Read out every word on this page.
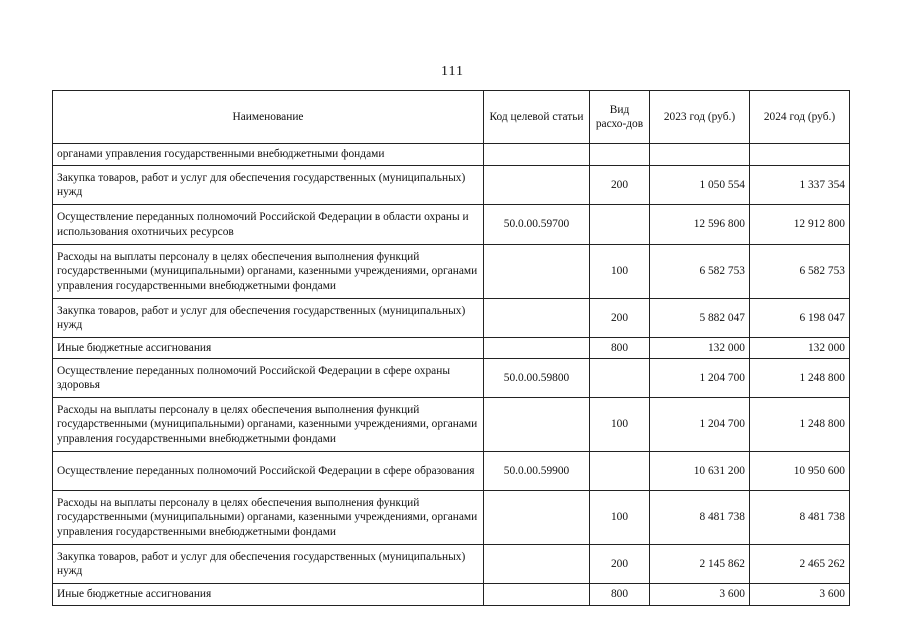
111
Наименование	Код целевой статьи	Вид расхо-дов	2023 год (руб.)	2024 год (руб.)
органами управления государственными внебюджетными фондами				
Закупка товаров, работ и услуг для обеспечения государственных (муниципальных) нужд		200	1 050 554	1 337 354
Осуществление переданных полномочий Российской Федерации в области охраны и использования охотничьих ресурсов	50.0.00.59700		12 596 800	12 912 800
Расходы на выплаты персоналу в целях обеспечения выполнения функций государственными (муниципальными) органами, казенными учреждениями, органами управления государственными внебюджетными фондами		100	6 582 753	6 582 753
Закупка товаров, работ и услуг для обеспечения государственных (муниципальных) нужд		200	5 882 047	6 198 047
Иные бюджетные ассигнования		800	132 000	132 000
Осуществление переданных полномочий Российской Федерации в сфере охраны здоровья	50.0.00.59800		1 204 700	1 248 800
Расходы на выплаты персоналу в целях обеспечения выполнения функций государственными (муниципальными) органами, казенными учреждениями, органами управления государственными внебюджетными фондами		100	1 204 700	1 248 800
Осуществление переданных полномочий Российской Федерации в сфере образования	50.0.00.59900		10 631 200	10 950 600
Расходы на выплаты персоналу в целях обеспечения выполнения функций государственными (муниципальными) органами, казенными учреждениями, органами управления государственными внебюджетными фондами		100	8 481 738	8 481 738
Закупка товаров, работ и услуг для обеспечения государственных (муниципальных) нужд		200	2 145 862	2 465 262
Иные бюджетные ассигнования		800	3 600	3 600
